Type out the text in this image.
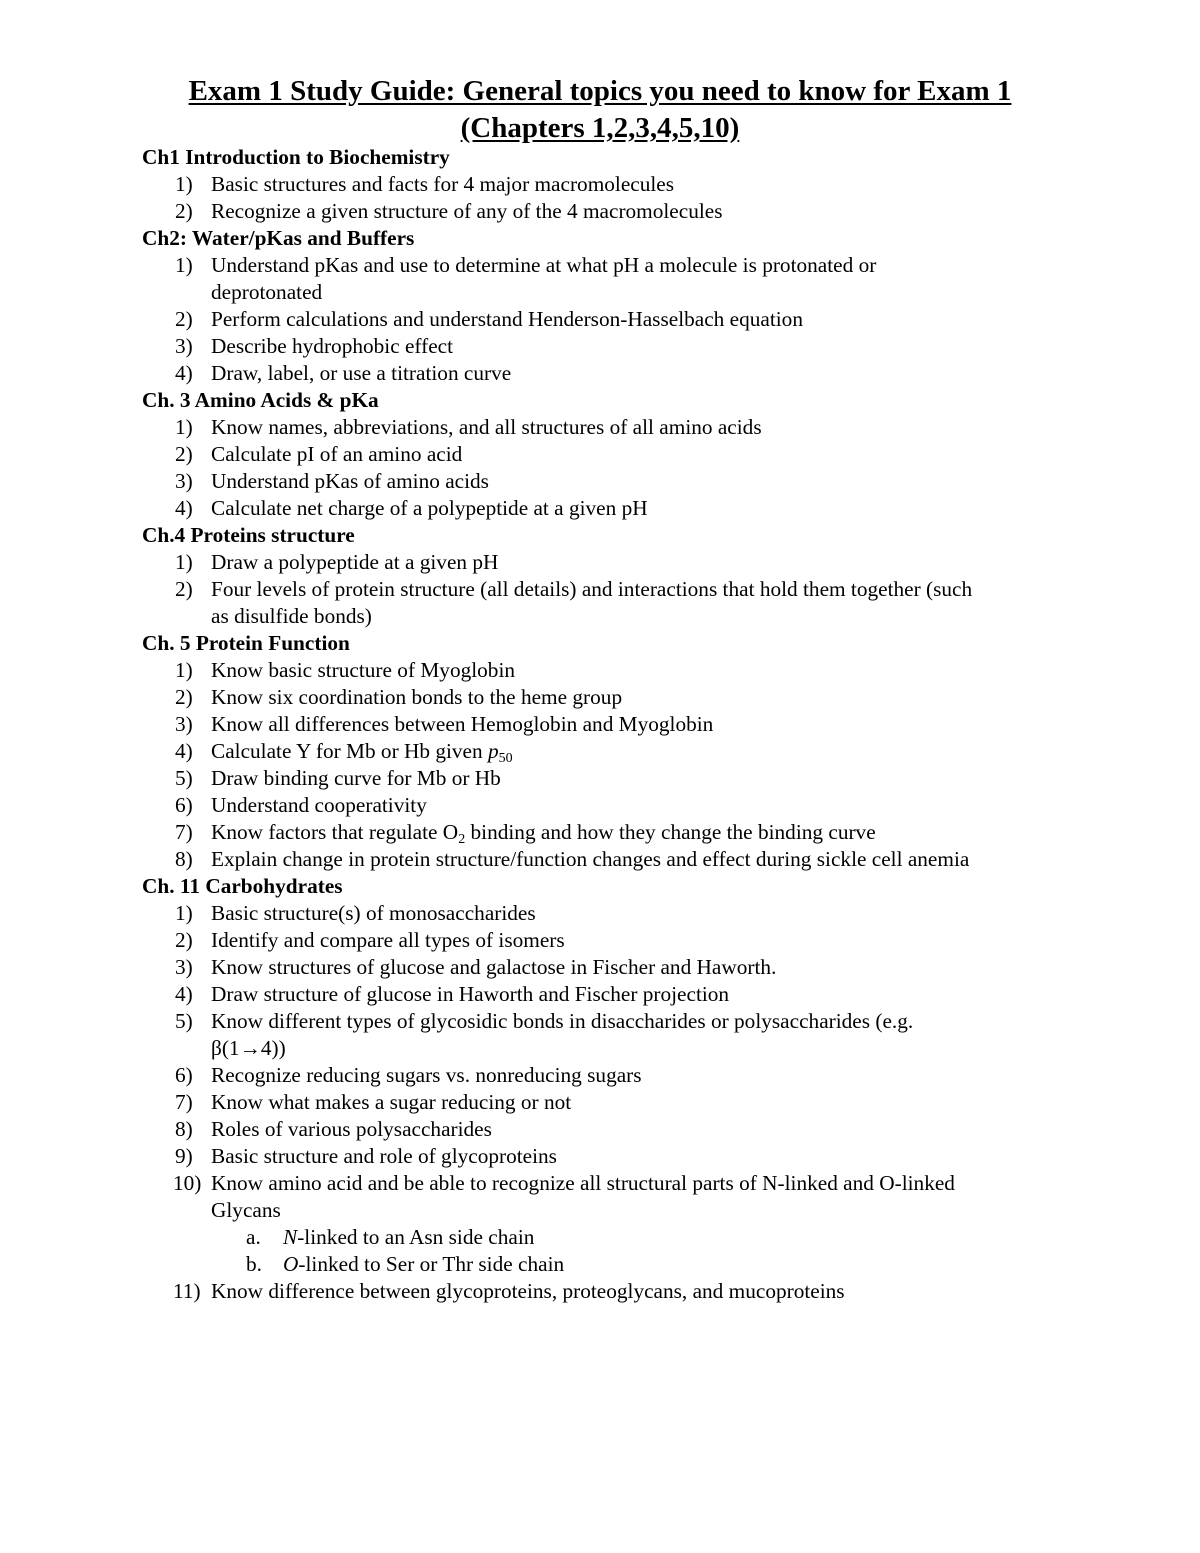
Exam 1 Study Guide: General topics you need to know for Exam 1
(Chapters 1,2,3,4,5,10)
Ch1 Introduction to Biochemistry
1) Basic structures and facts for 4 major macromolecules
2) Recognize a given structure of any of the 4 macromolecules
Ch2: Water/pKas and Buffers
1) Understand pKas and use to determine at what pH a molecule is protonated or
deprotonated
2) Perform calculations and understand Henderson-Hasselbach equation
3) Describe hydrophobic effect
4) Draw, label, or use a titration curve
Ch. 3 Amino Acids & pKa
1) Know names, abbreviations, and all structures of all amino acids
2) Calculate pI of an amino acid
3) Understand pKas of amino acids
4) Calculate net charge of a polypeptide at a given pH
Ch.4 Proteins structure
1) Draw a polypeptide at a given pH
2) Four levels of protein structure (all details) and interactions that hold them together (such
as disulfide bonds)
Ch. 5 Protein Function
1) Know basic structure of Myoglobin
2) Know six coordination bonds to the heme group
3) Know all differences between Hemoglobin and Myoglobin
4) Calculate Y for Mb or Hb given $p_{50}$
5) Draw binding curve for Mb or Hb
6) Understand cooperativity
7) Know factors that regulate $O_2$ binding and how they change the binding curve
8) Explain change in protein structure/function changes and effect during sickle cell anemia
Ch. 11 Carbohydrates
1) Basic structure(s) of monosaccharides
2) Identify and compare all types of isomers
3) Know structures of glucose and galactose in Fischer and Haworth.
4) Draw structure of glucose in Haworth and Fischer projection
5) Know different types of glycosidic bonds in disaccharides or polysaccharides (e.g.
β(1→4))
6) Recognize reducing sugars vs. nonreducing sugars
7) Know what makes a sugar reducing or not
8) Roles of various polysaccharides
9) Basic structure and role of glycoproteins
10) Know amino acid and be able to recognize all structural parts of N-linked and O-linked
Glycans
a. N-linked to an Asn side chain
b. O-linked to Ser or Thr side chain
11) Know difference between glycoproteins, proteoglycans, and mucoproteins
